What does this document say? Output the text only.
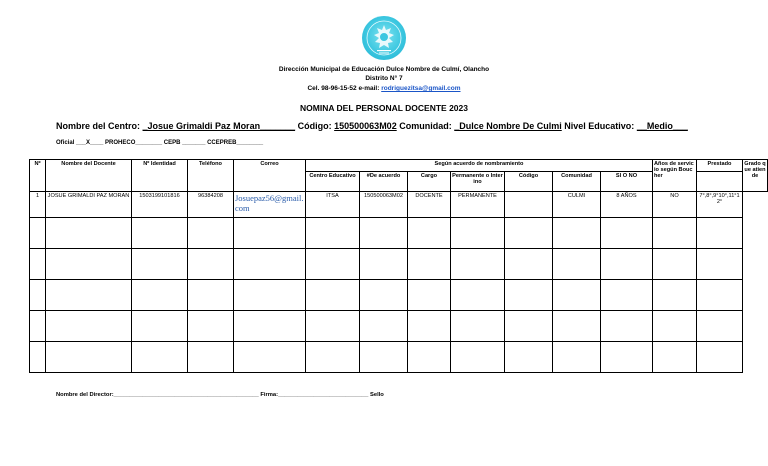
Dirección Municipal de Educación Dulce Nombre de Culmí, Olancho
Distrito N° 7
Cel. 98-96-15-52 e-mail: rodriguezitsa@gmail.com
NOMINA DEL PERSONAL DOCENTE 2023
Nombre del Centro: _Josue Grimaldi Paz Moran_______ Código: 150500063M02 Comunidad: _Dulce Nombre De Culmi Nivel Educativo: __Medio___
Oficial ___X____ PROHECO________ CEPB _______ CCEPREB________
Nº	Nombre del Docente	Nº Identidad	Teléfono	Correo	Según acuerdo de nombramiento							Años de servicio según Boucher	Prestado	Grado que atiende
					Centro Educativo	#De acuerdo	Cargo	Permanente o Interino	Código	Comunidad	SI O NO			
1	JOSUE GRIMALDI PAZ MORAN	1503199101816	96384208	Josuepaz56@gmail.com	ITSA	150500063M02	DOCENTE	PERMANENTE		CULMI	8 AÑOS	NO	7°,8°,9°10°,11°12°	

Nombre del Director:_____________________________________________ Firma:____________________________ Sello
